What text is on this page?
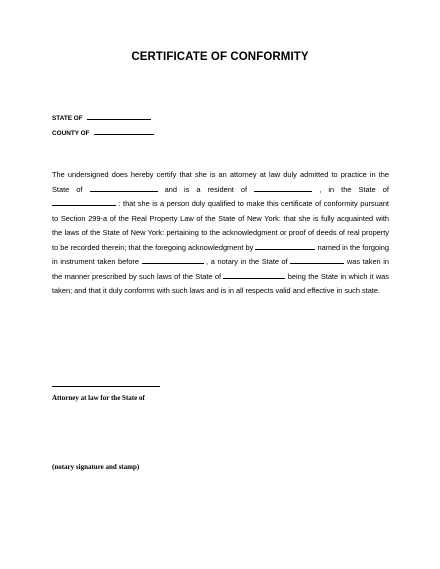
CERTIFICATE OF CONFORMITY
STATE OF
COUNTY OF
The undersigned does hereby certify that she is an attorney at law duly admitted to practice in the State of	and is a resident of	, in the State of  : that she is a person duly qualified to make this certificate of conformity pursuant to Section 299-a of the Real Property Law of the State of New York: that she is fully acquainted with the laws of the State of New York: pertaining to the acknowledgment or proof of deeds of real property to be recorded therein; that the foregoing acknowledgment by	named in the forgoing in instrument taken before	, a notary in the State of	was taken in the manner prescribed by such laws of the State of	being the State in which it was taken; and that it duly conforms with such laws and is in all respects valid and effective in such state.
Attorney at law for the State of
(notary signature and stamp)
